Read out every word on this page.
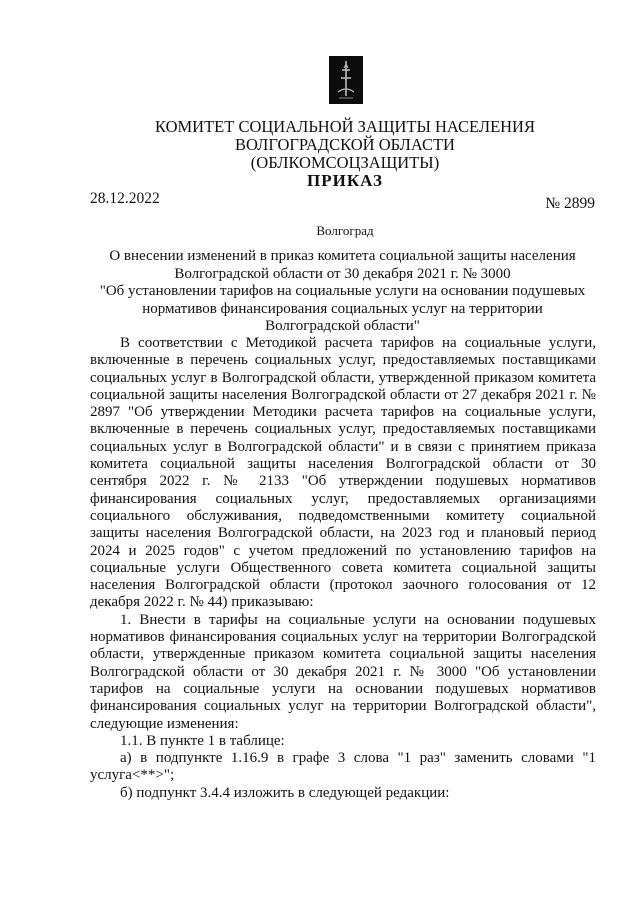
КОМИТЕТ СОЦИАЛЬНОЙ ЗАЩИТЫ НАСЕЛЕНИЯ
ВОЛГОГРАДСКОЙ ОБЛАСТИ
(ОБЛКОМСОЦЗАЩИТЫ)
ПРИКАЗ
28.12.2022	№ 2899
Волгоград
О внесении изменений в приказ комитета социальной защиты населения
Волгоградской области от 30 декабря 2021 г. № 3000
"Об установлении тарифов на социальные услуги на основании подушевых
нормативов финансирования социальных услуг на территории
Волгоградской области"

В соответствии с Методикой расчета тарифов на социальные услуги, включенные в перечень социальных услуг, предоставляемых поставщиками социальных услуг в Волгоградской области, утвержденной приказом комитета социальной защиты населения Волгоградской области от 27 декабря 2021 г. № 2897 "Об утверждении Методики расчета тарифов на социальные услуги, включенные в перечень социальных услуг, предоставляемых поставщиками социальных услуг в Волгоградской области" и в связи с принятием приказа комитета социальной защиты населения Волгоградской области от 30 сентября 2022 г. № 2133 "Об утверждении подушевых нормативов финансирования социальных услуг, предоставляемых организациями социального обслуживания, подведомственными комитету социальной защиты населения Волгоградской области, на 2023 год и плановый период 2024 и 2025 годов" с учетом предложений по установлению тарифов на социальные услуги Общественного совета комитета социальной защиты населения Волгоградской области (протокол заочного голосования от 12 декабря 2022 г. № 44) приказываю:

1. Внести в тарифы на социальные услуги на основании подушевых нормативов финансирования социальных услуг на территории Волгоградской области, утвержденные приказом комитета социальной защиты населения Волгоградской области от 30 декабря 2021 г. № 3000 "Об установлении тарифов на социальные услуги на основании подушевых нормативов финансирования социальных услуг на территории Волгоградской области", следующие изменения:

1.1. В пункте 1 в таблице:

а) в подпункте 1.16.9 в графе 3 слова "1 раз" заменить словами "1 услуга<**>";

б) подпункт 3.4.4 изложить в следующей редакции:
